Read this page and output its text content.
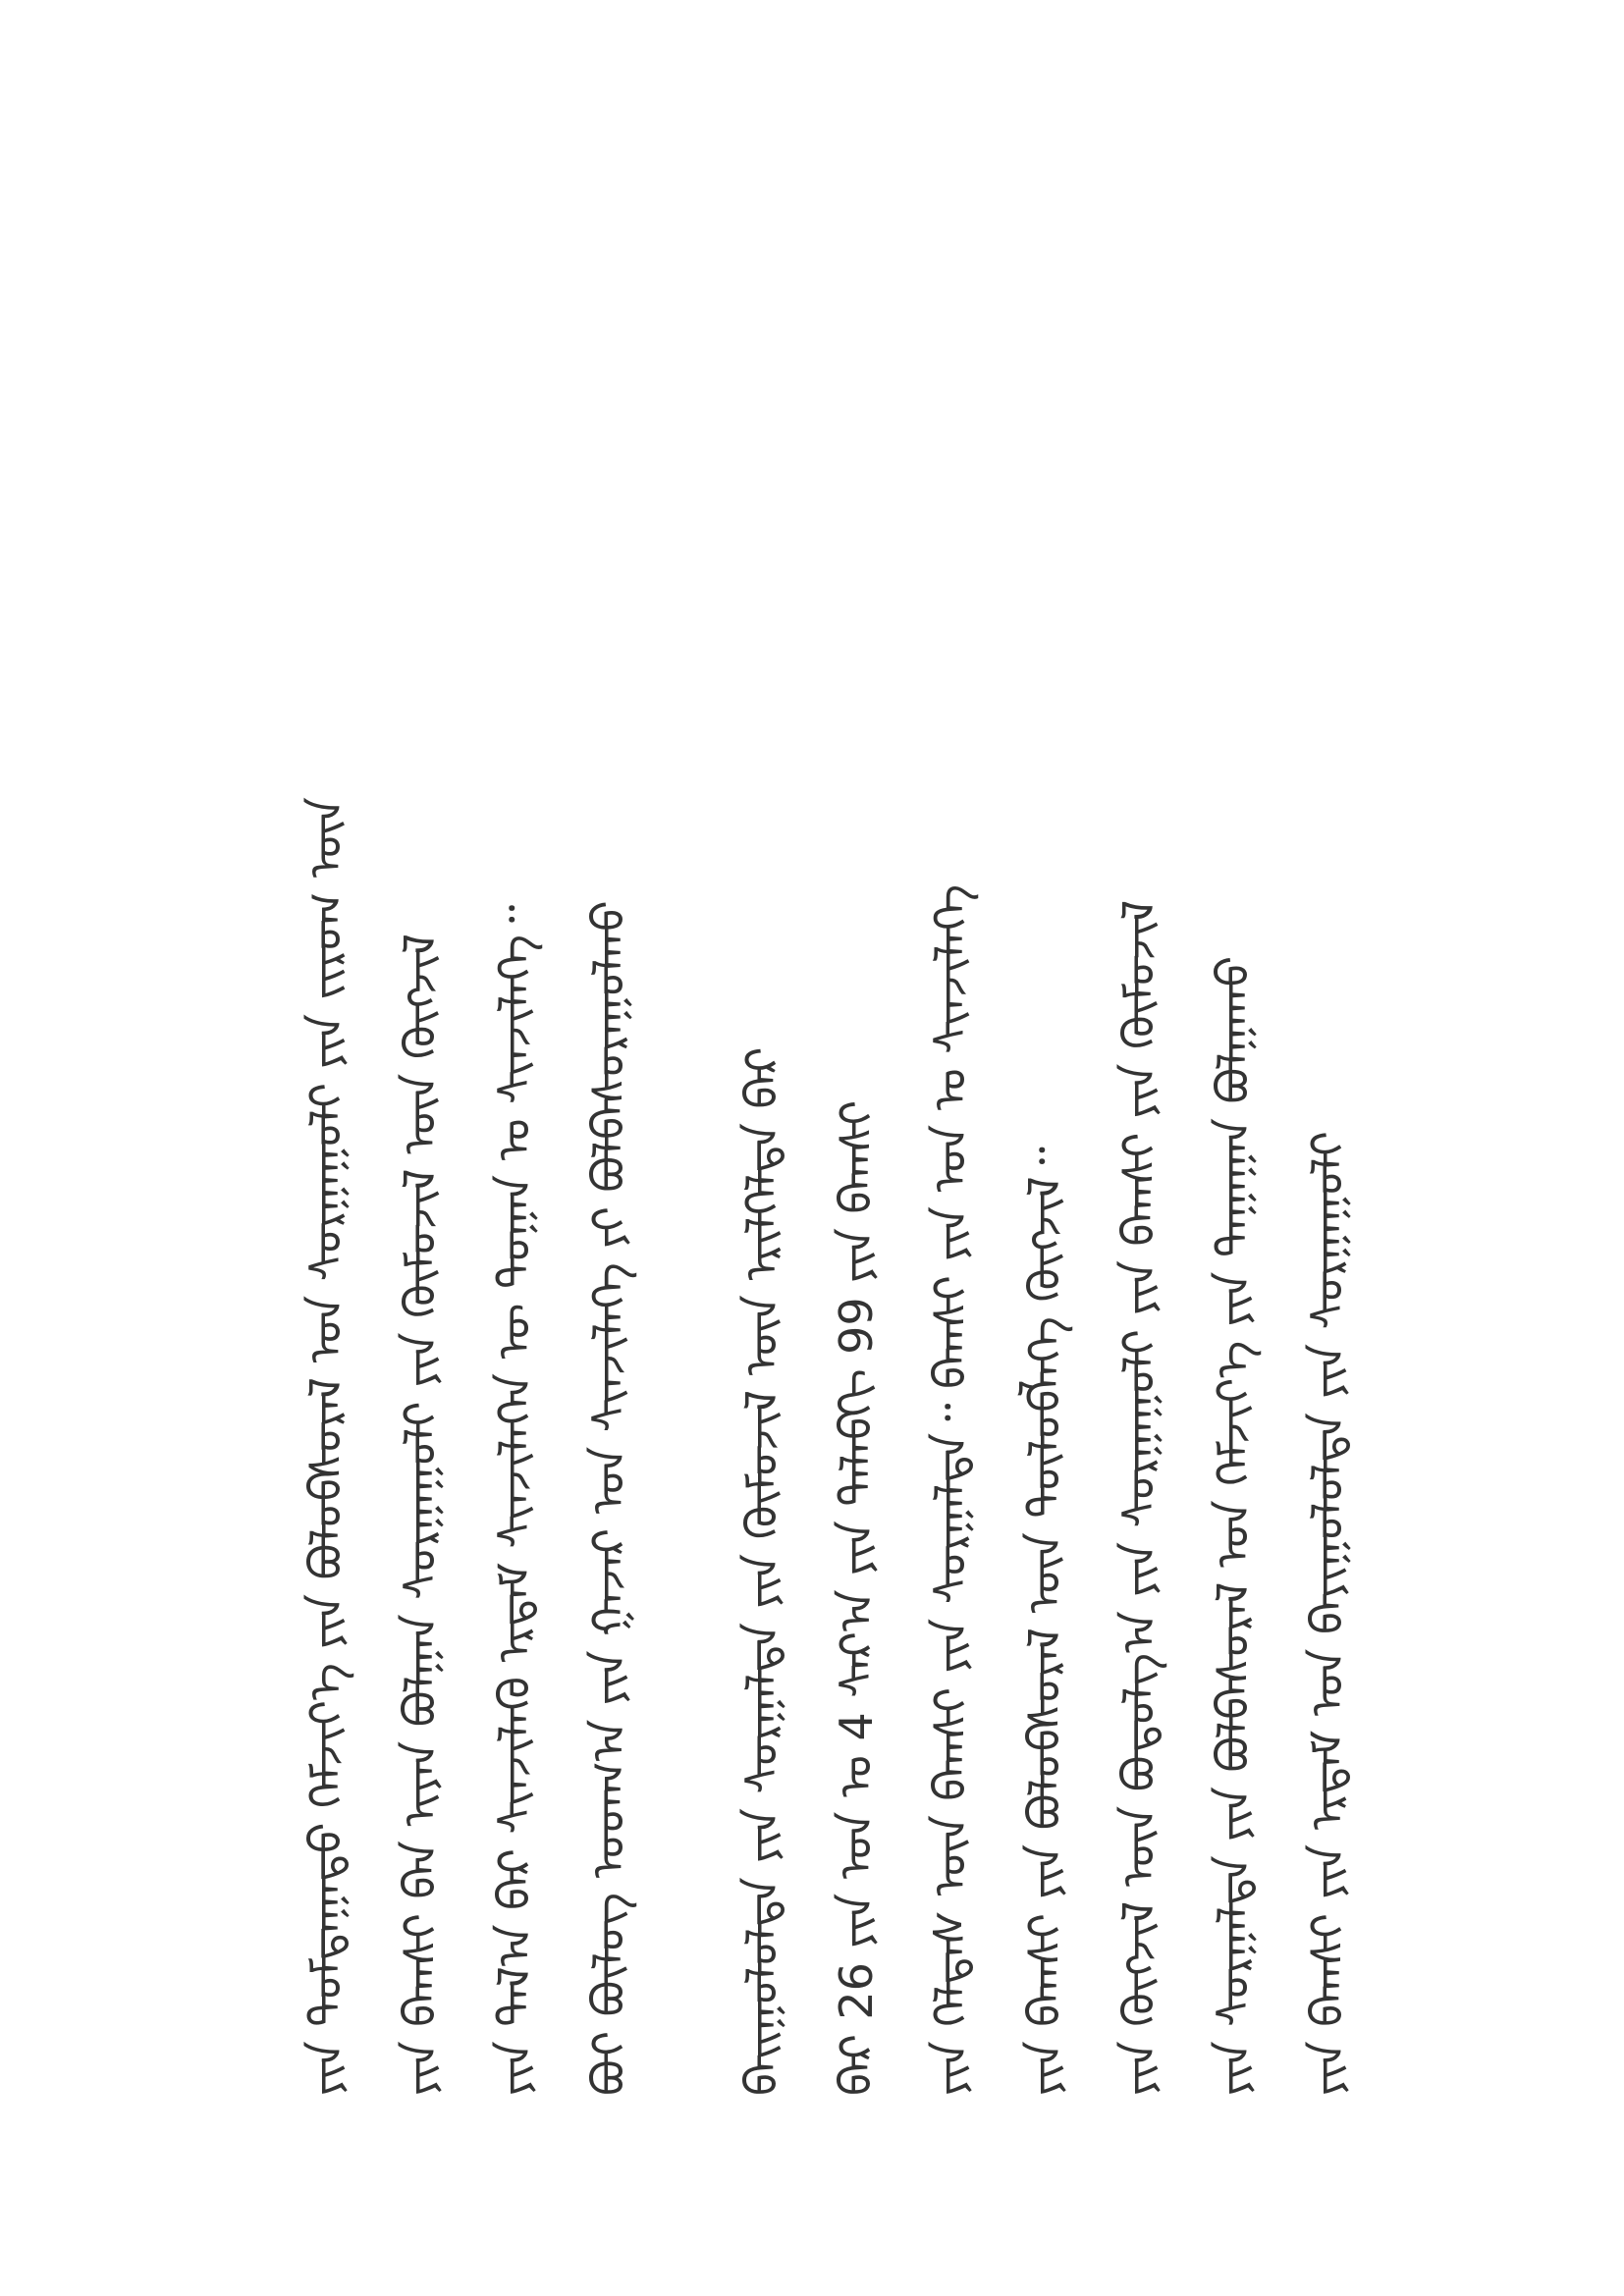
ᠶᠢᠨ ᠪᠠᠭᠰᠢ ᠶᠢᠨ ᠡᠷᠳᠡᠮ ᠤᠨ ᠪᠠᠶᠢᠭᠤᠯᠤᠯᠲᠠ ᠶᠢᠨ ᠰᠤᠷᠭᠠᠭᠤᠯᠢ
ᠶᠢᠨ ᠰᠤᠷᠭᠠᠯᠲᠠ ᠶᠢᠨ ᠪᠣᠯᠪᠠᠰᠤᠷᠠᠯ ᠤᠨ ᠬᠡᠮᠵᠢᠶ᠎ᠡ ᠶᠢᠨ ᠳᠠᠭᠠᠭᠠᠨ ᠪᠤᠯᠭᠠᠬᠤ
ᠶᠢᠨ ᠬᠥᠭᠵᠢᠯ ᠦᠨ ᠪᠣᠳᠤᠯᠭ᠎ᠠ ᠶᠢᠨ ᠰᠤᠷᠭᠠᠭᠤᠯᠢ ᠶᠢᠨ ᠪᠠᠭᠰᠢ ᠶᠢᠨ ᠬᠦᠮᠦᠵᠢᠯ
ᠶᠢᠨ ᠪᠠᠭᠰᠢ ᠶᠢᠨ ᠪᠣᠯᠤᠪᠰᠤᠷᠠᠯ ᠦᠨ ᠲᠥᠯᠥᠪᠯᠡᠭᠡ ᠬᠥᠭᠵᠢᠯ᠃
ᠶᠢᠨ ᠬᠡᠯᠲᠡᠰ ᠦᠨ ᠪᠠᠭᠰᠢ ᠶᠢᠨ ᠰᠤᠷᠭᠠᠯᠲᠠ᠃ ᠪᠠᠭᠰᠢ ᠶᠢᠨ ᠣᠨ ᠤ ᠰᠢᠨᠵᠢᠯᠡᠭᠡ
ᠪᠠᠷ 26 ᠶᠢᠨ ᠣᠨ ᠤ 4 ᠰᠠᠷ᠎ᠠ ᠶᠢᠨ ᠲᠡᠯᠡᠪᠬᠢ 99 ᠶᠢᠨ ᠪᠠᠭᠰᠢ
ᠪᠠᠢᠭᠤᠯᠤᠯᠲᠠ ᠶᠢᠨ ᠰᠤᠷᠭᠠᠯᠲᠠ ᠶᠢᠨ ᠬᠦᠮᠦᠵᠢᠯ ᠦᠨ ᠡᠷᠢᠯᠬᠡᠯᠳᠡ ᠪᠡᠷ
ᠪᠤᠢ ᠪᠦᠯᠦᠭ ᠤᠳᠬ᠎ᠠ ᠶᠢᠨ ᠭᠠᠵᠠᠷ ᠤᠨ ᠰᠢᠨᠵᠢᠯᠡᠭᠡ ᠶᠢ ᠪᠣᠯᠪᠠᠰᠤᠷᠠᠭᠤᠯᠬᠤ
ᠶᠢᠨ ᠲᠠᠯ᠎ᠠ ᠪᠠᠷ ᠰᠢᠨᠵᠢᠯᠡᠬᠦ ᠡᠷᠳᠡᠮ ᠰᠢᠨᠵᠢᠯᠡᠭᠡᠨ ᠦ ᠲᠣᠭᠠᠨ ᠤ ᠰᠢᠨᠵᠢᠯᠡᠭᠡ᠃
ᠶᠢᠨ ᠪᠠᠭᠰᠢ ᠪᠠᠨ ᠢᠶᠠᠨ ᠪᠤᠯᠭᠠᠨ ᠰᠤᠷᠭᠠᠭᠤᠯᠢ ᠶᠢᠨ ᠬᠦᠮᠦᠵᠢᠯ ᠦᠨ ᠬᠥᠭᠵᠢᠯ
ᠶᠢᠨ ᠳᠤᠮᠳᠠᠭᠠᠳᠤ ᠬᠡᠮᠵᠢᠶ᠎ᠡ ᠶᠢᠨ ᠪᠣᠯᠤᠪᠰᠤᠷᠠᠯ ᠤᠨ ᠰᠤᠷᠭᠠᠭᠤᠯᠢ ᠶᠢᠨ ᠵᠢᠷᠤᠭ ᠦᠨ
